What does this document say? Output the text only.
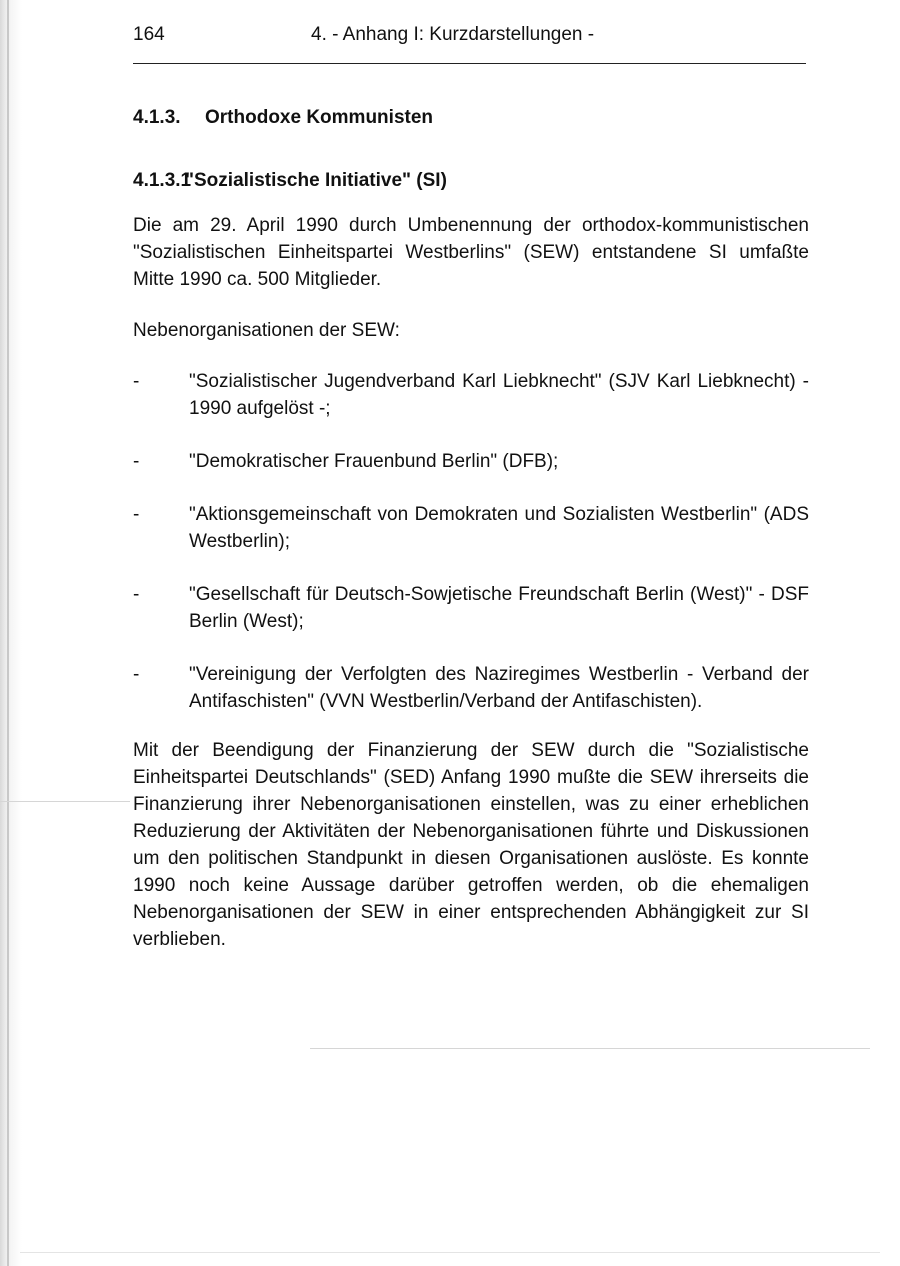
164	4. - Anhang I: Kurzdarstellungen -
4.1.3. Orthodoxe Kommunisten
4.1.3.1"Sozialistische Initiative" (SI)

Die am 29. April 1990 durch Umbenennung der orthodox-kommunistischen "Sozialistischen Einheitspartei Westberlins" (SEW) entstandene SI umfaßte Mitte 1990 ca. 500 Mitglieder.

Nebenorganisationen der SEW:

-	"Sozialistischer Jugendverband Karl Liebknecht" (SJV Karl Liebknecht) - 1990 aufgelöst -;
-	"Demokratischer Frauenbund Berlin" (DFB);
-	"Aktionsgemeinschaft von Demokraten und Sozialisten Westberlin" (ADS Westberlin);
-	"Gesellschaft für Deutsch-Sowjetische Freundschaft Berlin (West)" - DSF Berlin (West);
-	"Vereinigung der Verfolgten des Naziregimes Westberlin - Verband der Antifaschisten" (VVN Westberlin/Verband der Antifaschisten).

Mit der Beendigung der Finanzierung der SEW durch die "Sozialistische Einheitspartei Deutschlands" (SED) Anfang 1990 mußte die SEW ihrerseits die Finanzierung ihrer Nebenorganisationen einstellen, was zu einer erheblichen Reduzierung der Aktivitäten der Nebenorganisationen führte und Diskussionen um den politischen Standpunkt in diesen Organisationen auslöste. Es konnte 1990 noch keine Aussage darüber getroffen werden, ob die ehemaligen Nebenorganisationen der SEW in einer entsprechenden Abhängigkeit zur SI verblieben.
